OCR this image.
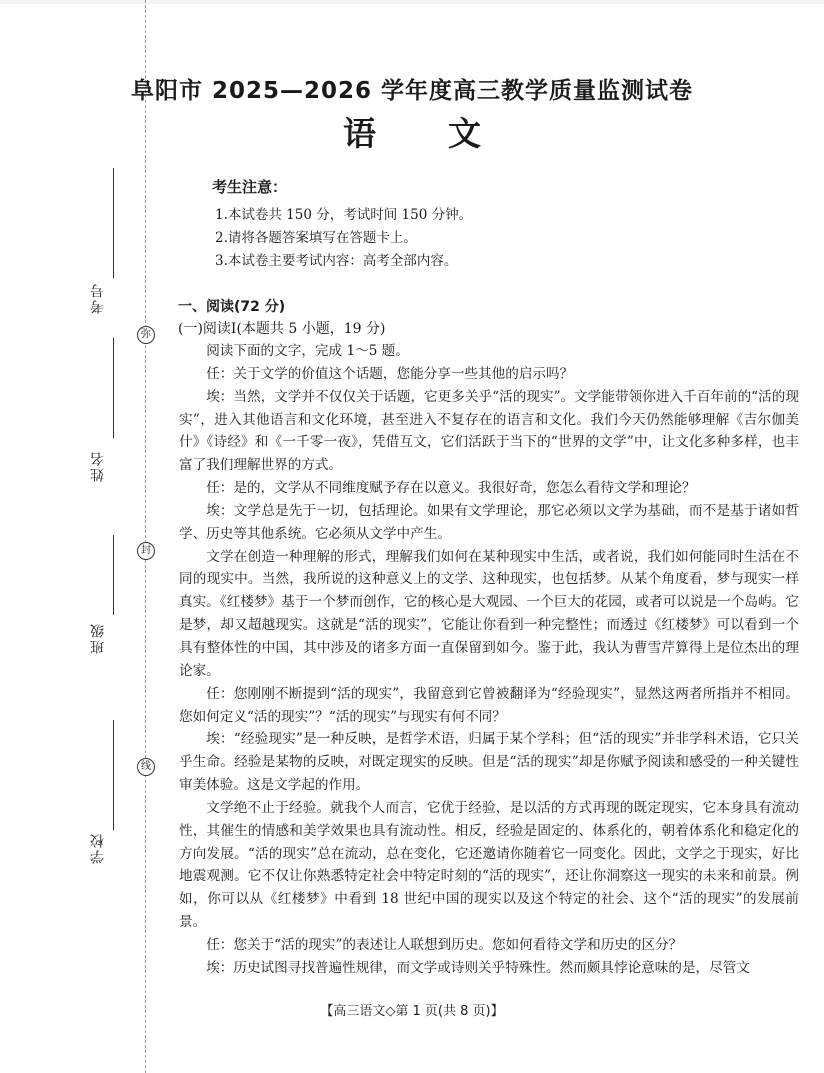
考号
弥
姓名
封
班级
线
学校
阜阳市 2025—2026 学年度高三教学质量监测试卷
语 文
考生注意：
1.本试卷共 150 分，考试时间 150 分钟。
2.请将各题答案填写在答题卡上。
3.本试卷主要考试内容：高考全部内容。
一、阅读(72 分)
(一)阅读Ⅰ(本题共 5 小题，19 分)

阅读下面的文字，完成 1～5 题。

任：关于文学的价值这个话题，您能分享一些其他的启示吗？

埃：当然，文学并不仅仅关于话题，它更多关乎“活的现实”。文学能带领你进入千百年前的“活的现实”，进入其他语言和文化环境，甚至进入不复存在的语言和文化。我们今天仍然能够理解《吉尔伽美什》《诗经》和《一千零一夜》，凭借互文，它们活跃于当下的“世界的文学”中，让文化多种多样，也丰富了我们理解世界的方式。

任：是的，文学从不同维度赋予存在以意义。我很好奇，您怎么看待文学和理论？

埃：文学总是先于一切，包括理论。如果有文学理论，那它必须以文学为基础，而不是基于诸如哲学、历史等其他系统。它必须从文学中产生。

文学在创造一种理解的形式，理解我们如何在某种现实中生活，或者说，我们如何能同时生活在不同的现实中。当然，我所说的这种意义上的文学、这种现实，也包括梦。从某个角度看，梦与现实一样真实。《红楼梦》基于一个梦而创作，它的核心是大观园、一个巨大的花园，或者可以说是一个岛屿。它是梦，却又超越现实。这就是“活的现实”，它能让你看到一种完整性；而透过《红楼梦》可以看到一个具有整体性的中国，其中涉及的诸多方面一直保留到如今。鉴于此，我认为曹雪芹算得上是位杰出的理论家。

任：您刚刚不断提到“活的现实”，我留意到它曾被翻译为“经验现实”，显然这两者所指并不相同。您如何定义“活的现实”？“活的现实”与现实有何不同？

埃：“经验现实”是一种反映，是哲学术语，归属于某个学科；但“活的现实”并非学科术语，它只关乎生命。经验是某物的反映，对既定现实的反映。但是“活的现实”却是你赋予阅读和感受的一种关键性审美体验。这是文学起的作用。

文学绝不止于经验。就我个人而言，它优于经验，是以活的方式再现的既定现实，它本身具有流动性，其催生的情感和美学效果也具有流动性。相反，经验是固定的、体系化的，朝着体系化和稳定化的方向发展。“活的现实”总在流动，总在变化，它还邀请你随着它一同变化。因此，文学之于现实，好比地震观测。它不仅让你熟悉特定社会中特定时刻的“活的现实”，还让你洞察这一现实的未来和前景。例如，你可以从《红楼梦》中看到 18 世纪中国的现实以及这个特定的社会、这个“活的现实”的发展前景。

任：您关于“活的现实”的表述让人联想到历史。您如何看待文学和历史的区分？

埃：历史试图寻找普遍性规律，而文学或诗则关乎特殊性。然而颇具悖论意味的是，尽管文

【高三语文◇第 1 页(共 8 页)】
